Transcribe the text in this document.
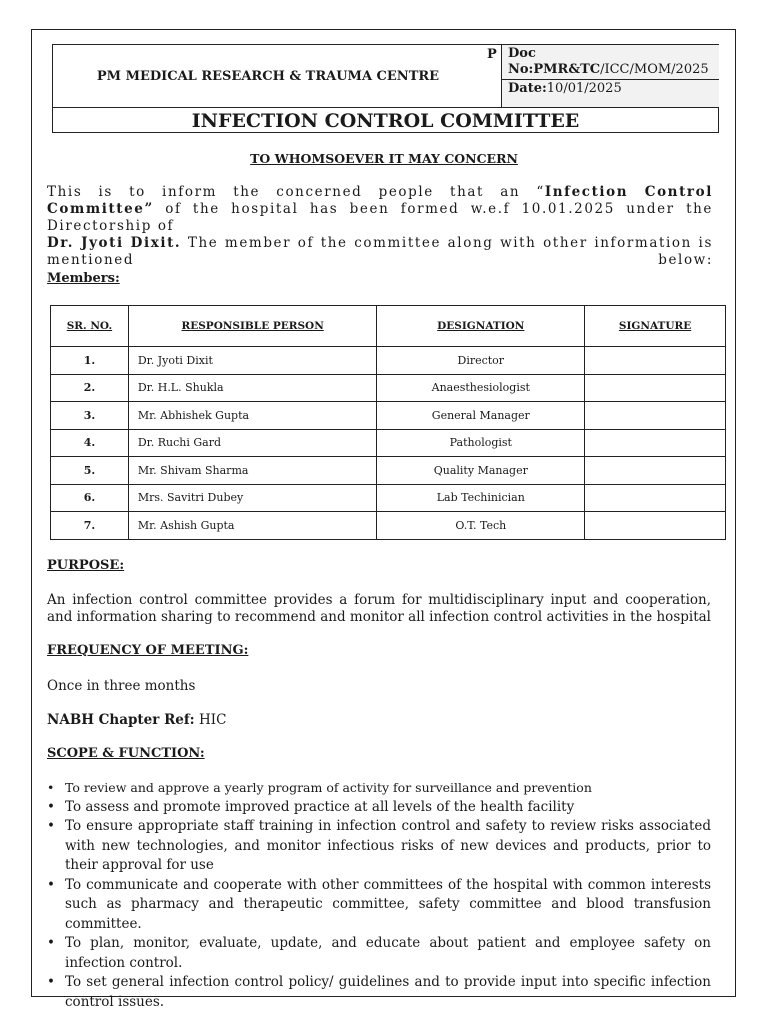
PM MEDICAL RESEARCH & TRAUMA CENTRE
P Doc No:PMR&TC/ICC/MOM/2025
Date:10/01/2025
INFECTION CONTROL COMMITTEE
TO WHOMSOEVER IT MAY CONCERN

This is to inform the concerned people that an “Infection Control Committee” of the hospital has been formed w.e.f 10.01.2025 under the Directorship of

Dr. Jyoti Dixit. The member of the committee along with other information is mentioned below:

Members:
SR. NO.	RESPONSIBLE PERSON	DESIGNATION	SIGNATURE
1.	Dr. Jyoti Dixit	Director	
2.	Dr. H.L. Shukla	Anaesthesiologist	
3.	Mr. Abhishek Gupta	General Manager	
4.	Dr. Ruchi Gard	Pathologist	
5.	Mr. Shivam Sharma	Quality Manager	
6.	Mrs. Savitri Dubey	Lab Techinician	
7.	Mr. Ashish Gupta	O.T. Tech	
PURPOSE:
An infection control committee provides a forum for multidisciplinary input and cooperation, and information sharing to recommend and monitor all infection control activities in the hospital
FREQUENCY OF MEETING:
Once in three months
NABH Chapter Ref: HIC
SCOPE & FUNCTION:
• To review and approve a yearly program of activity for surveillance and prevention
• To assess and promote improved practice at all levels of the health facility
• To ensure appropriate staff training in infection control and safety to review risks associated with new technologies, and monitor infectious risks of new devices and products, prior to their approval for use
• To communicate and cooperate with other committees of the hospital with common interests such as pharmacy and therapeutic committee, safety committee and blood transfusion committee.
• To plan, monitor, evaluate, update, and educate about patient and employee safety on infection control.
• To set general infection control policy/ guidelines and to provide input into specific infection control issues.
